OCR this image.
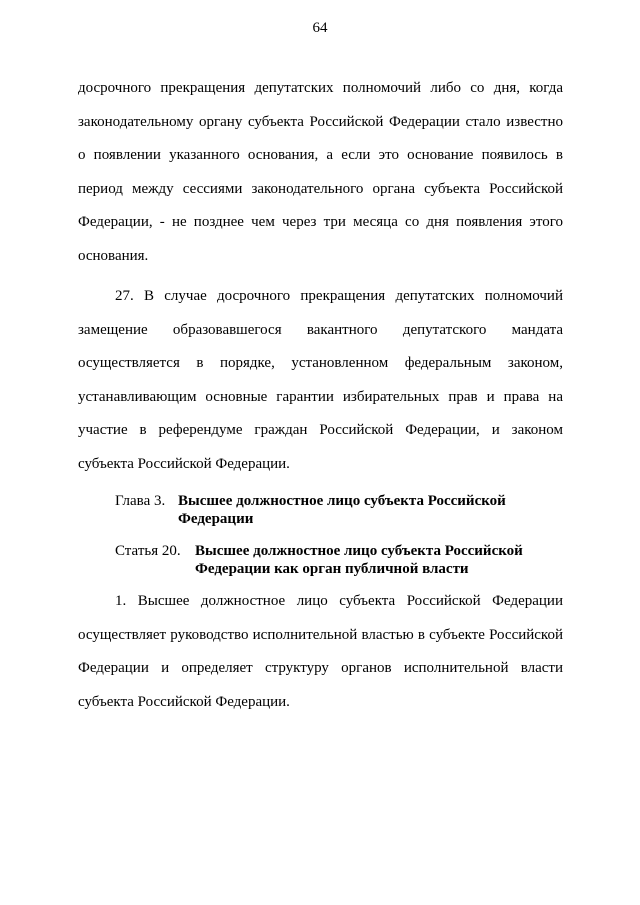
64
досрочного прекращения депутатских полномочий либо со дня, когда
законодательному органу субъекта Российской Федерации стало известно
о появлении указанного основания, а если это основание появилось в
период между сессиями законодательного органа субъекта Российской
Федерации, - не позднее чем через три месяца со дня появления этого
основания.
27. В случае досрочного прекращения депутатских полномочий
замещение образовавшегося вакантного депутатского мандата
осуществляется в порядке, установленном федеральным законом,
устанавливающим основные гарантии избирательных прав и права на
участие в референдуме граждан Российской Федерации, и законом
субъекта Российской Федерации.
Глава 3. Высшее должностное лицо субъекта Российской
Федерации
Статья 20. Высшее должностное лицо субъекта Российской
Федерации как орган публичной власти
1. Высшее должностное лицо субъекта Российской Федерации
осуществляет руководство исполнительной властью в субъекте Российской
Федерации и определяет структуру органов исполнительной власти
субъекта Российской Федерации.
